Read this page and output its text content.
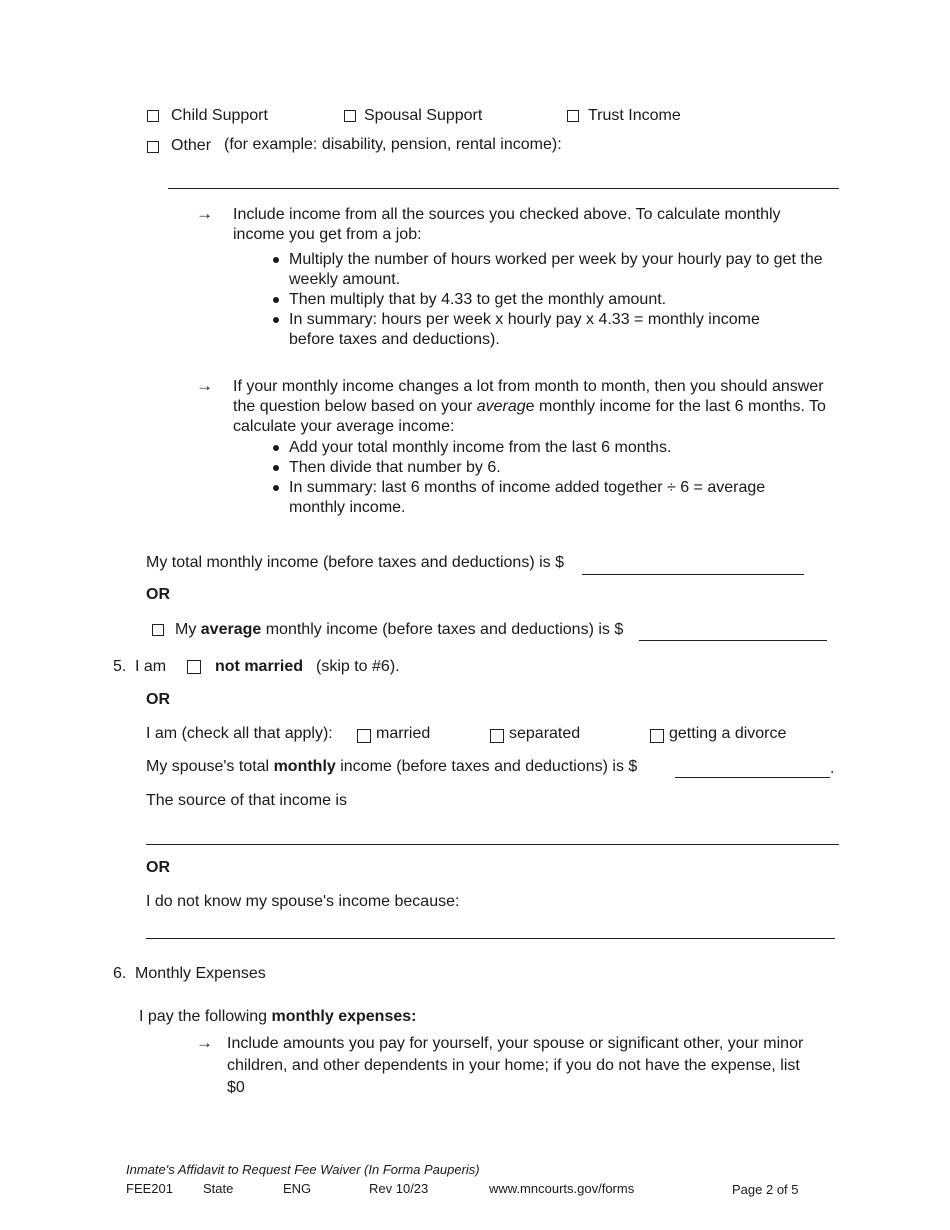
Child Support	Spousal Support	Trust Income
Other (for example: disability, pension, rental income):
→ Include income from all the sources you checked above. To calculate monthly income you get from a job:
Multiply the number of hours worked per week by your hourly pay to get the weekly amount.
Then multiply that by 4.33 to get the monthly amount.
In summary: hours per week x hourly pay x 4.33 = monthly income before taxes and deductions).
→ If your monthly income changes a lot from month to month, then you should answer the question below based on your average monthly income for the last 6 months. To calculate your average income:
Add your total monthly income from the last 6 months.
Then divide that number by 6.
In summary: last 6 months of income added together ÷ 6 = average monthly income.
My total monthly income (before taxes and deductions) is $
OR
My average monthly income (before taxes and deductions) is $
5. I am	not married (skip to #6).
OR
I am (check all that apply):	married	separated	getting a divorce
My spouse's total monthly income (before taxes and deductions) is $	.
The source of that income is
OR
I do not know my spouse's income because:
6. Monthly Expenses
I pay the following monthly expenses:
→ Include amounts you pay for yourself, your spouse or significant other, your minor children, and other dependents in your home; if you do not have the expense, list $0
Inmate's Affidavit to Request Fee Waiver (In Forma Pauperis)
FEE201 State	ENG	Rev 10/23	www.mncourts.gov/forms	Page 2 of 5
